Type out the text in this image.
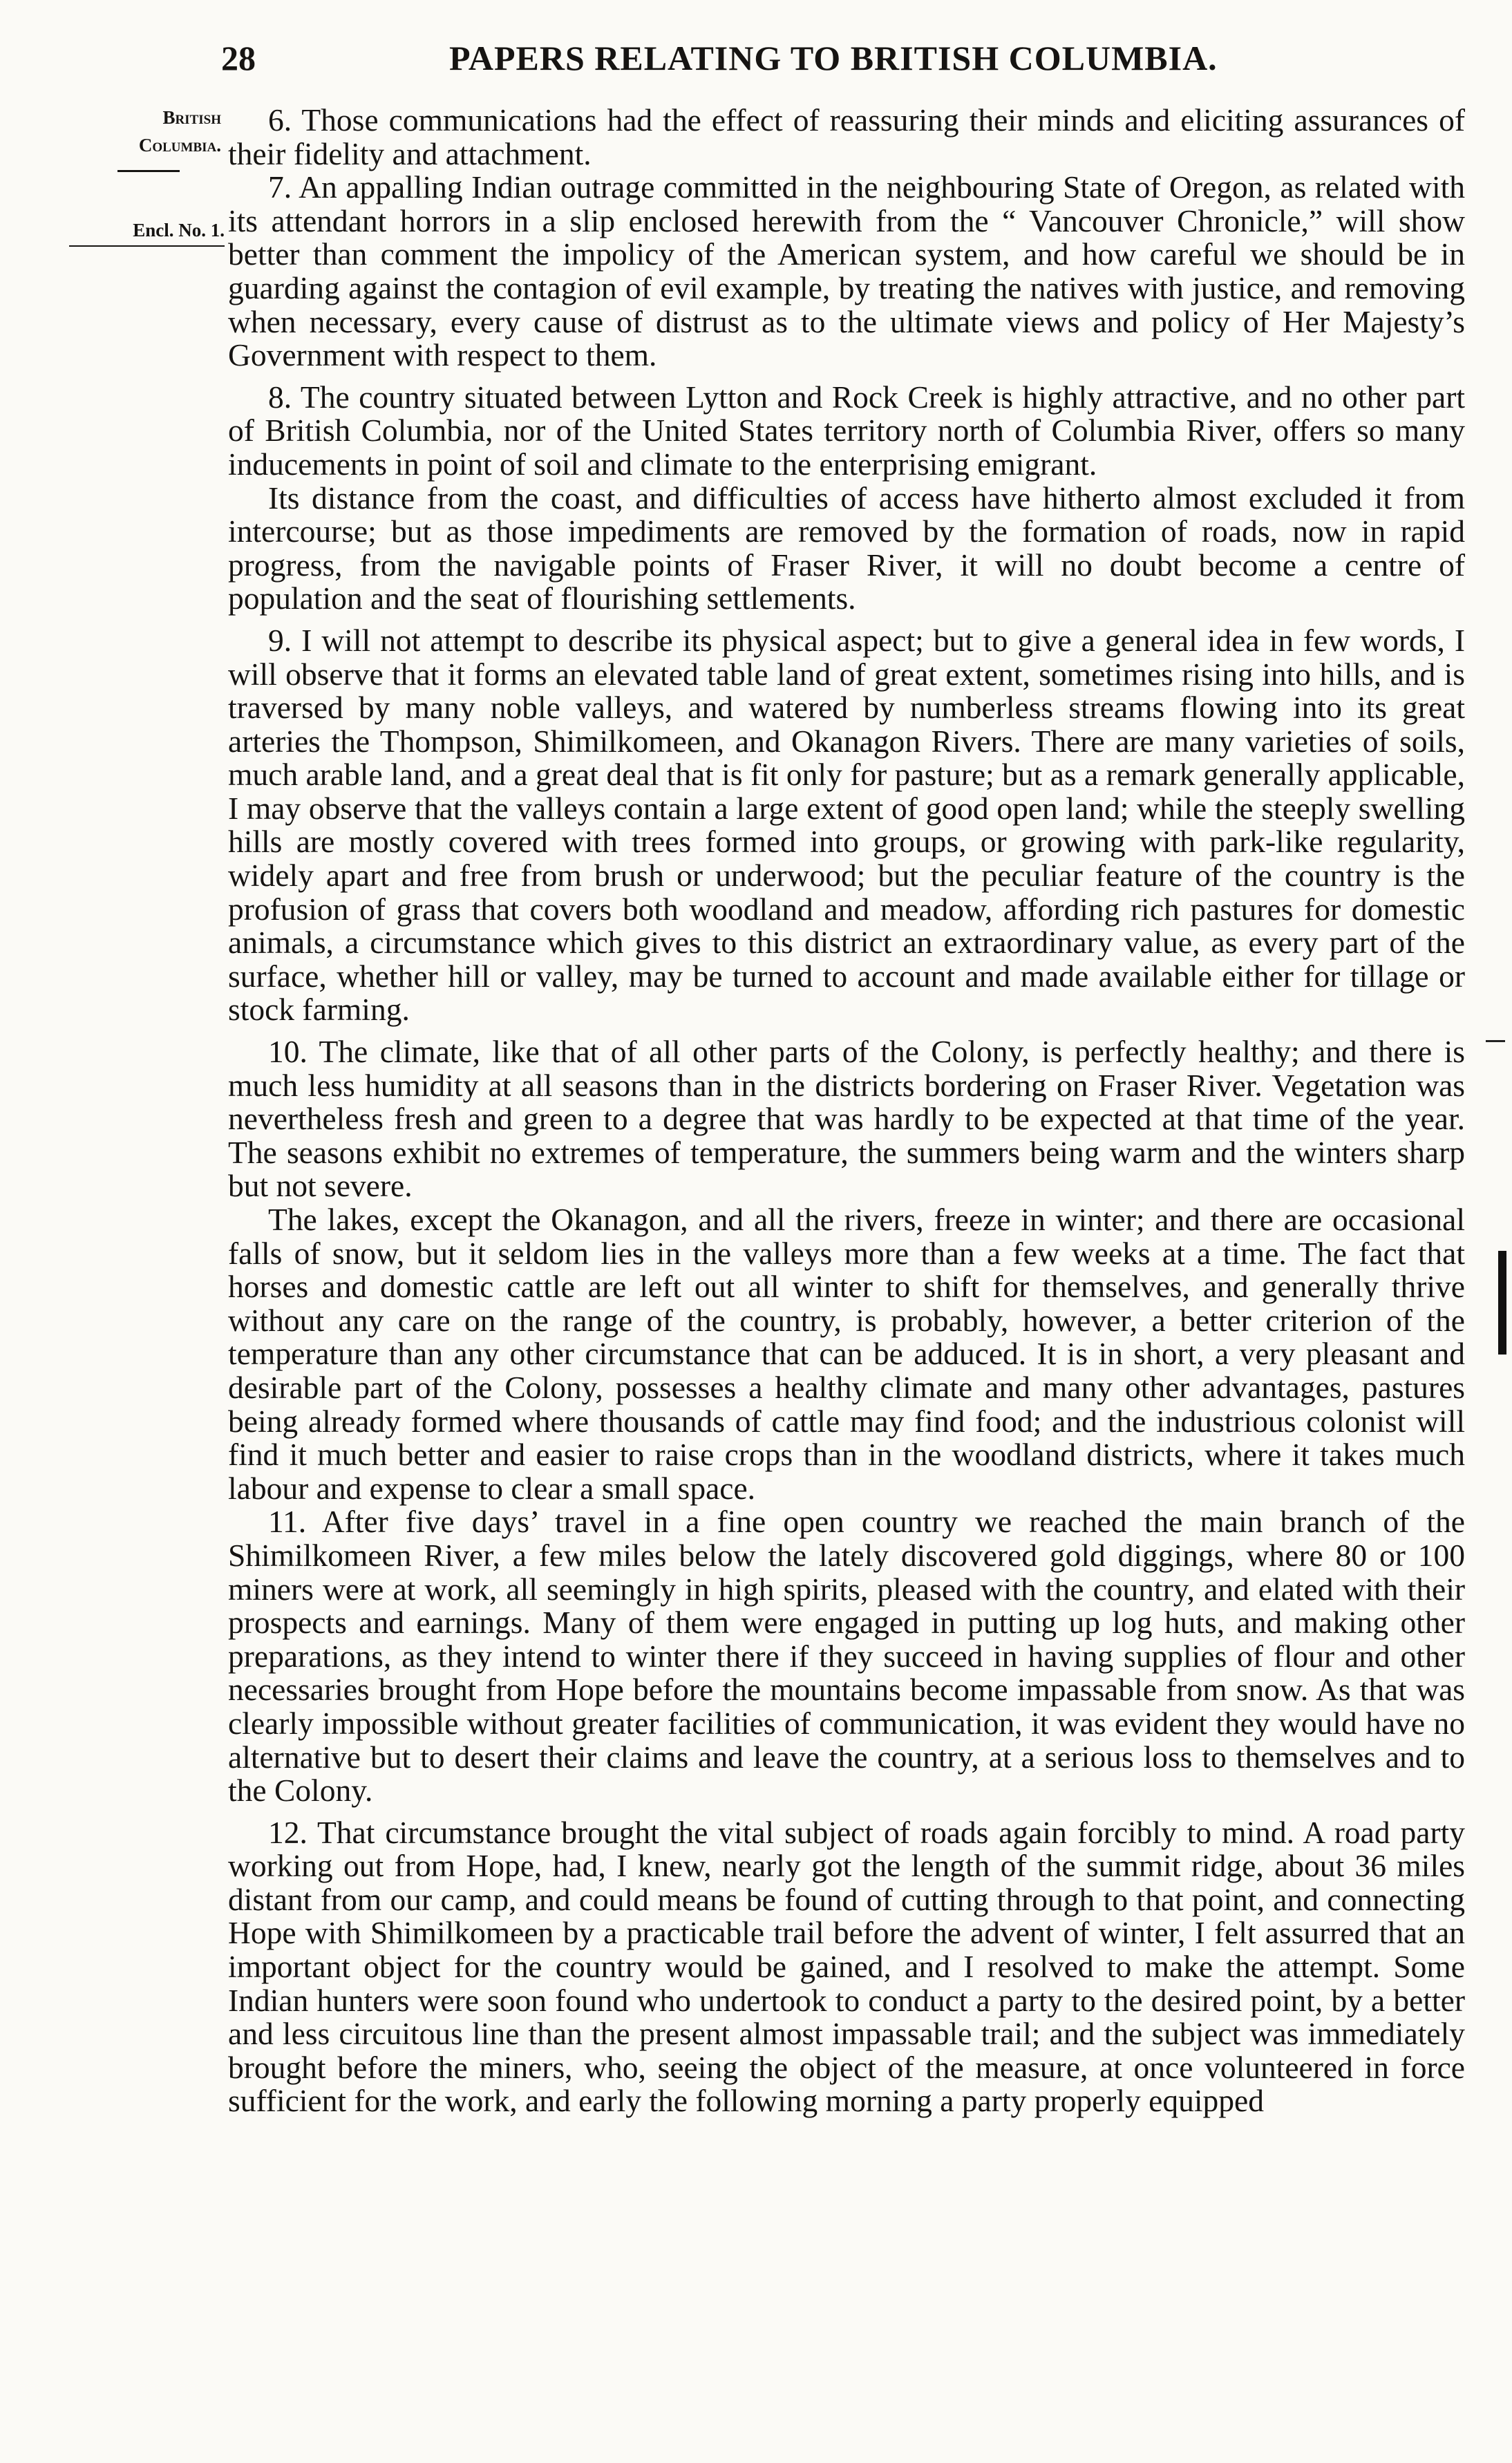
28	PAPERS RELATING TO BRITISH COLUMBIA.
British
Columbia.
Encl. No. 1.

6. Those communications had the effect of reassuring their minds and eliciting assurances of their fidelity and attachment.

7. An appalling Indian outrage committed in the neighbouring State of Oregon, as related with its attendant horrors in a slip enclosed herewith from the “ Vancouver Chronicle,” will show better than comment the impolicy of the American system, and how careful we should be in guarding against the contagion of evil example, by treating the natives with justice, and removing when necessary, every cause of distrust as to the ultimate views and policy of Her Majesty’s Government with respect to them.

8. The country situated between Lytton and Rock Creek is highly attractive, and no other part of British Columbia, nor of the United States territory north of Columbia River, offers so many inducements in point of soil and climate to the enterprising emigrant.

Its distance from the coast, and difficulties of access have hitherto almost excluded it from intercourse; but as those impediments are removed by the formation of roads, now in rapid progress, from the navigable points of Fraser River, it will no doubt become a centre of population and the seat of flourishing settlements.

9. I will not attempt to describe its physical aspect; but to give a general idea in few words, I will observe that it forms an elevated table land of great extent, sometimes rising into hills, and is traversed by many noble valleys, and watered by numberless streams flowing into its great arteries the Thompson, Shimilkomeen, and Okanagon Rivers. There are many varieties of soils, much arable land, and a great deal that is fit only for pasture; but as a remark generally applicable, I may observe that the valleys contain a large extent of good open land; while the steeply swelling hills are mostly covered with trees formed into groups, or growing with park-like regularity, widely apart and free from brush or underwood; but the peculiar feature of the country is the profusion of grass that covers both woodland and meadow, affording rich pastures for domestic animals, a circumstance which gives to this district an extraordinary value, as every part of the surface, whether hill or valley, may be turned to account and made available either for tillage or stock farming.

10. The climate, like that of all other parts of the Colony, is perfectly healthy; and there is much less humidity at all seasons than in the districts bordering on Fraser River. Vegetation was nevertheless fresh and green to a degree that was hardly to be expected at that time of the year. The seasons exhibit no extremes of temperature, the summers being warm and the winters sharp but not severe.

The lakes, except the Okanagon, and all the rivers, freeze in winter; and there are occasional falls of snow, but it seldom lies in the valleys more than a few weeks at a time. The fact that horses and domestic cattle are left out all winter to shift for themselves, and generally thrive without any care on the range of the country, is probably, however, a better criterion of the temperature than any other circumstance that can be adduced. It is in short, a very pleasant and desirable part of the Colony, possesses a healthy climate and many other advantages, pastures being already formed where thousands of cattle may find food; and the industrious colonist will find it much better and easier to raise crops than in the woodland districts, where it takes much labour and expense to clear a small space.

11. After five days’ travel in a fine open country we reached the main branch of the Shimilkomeen River, a few miles below the lately discovered gold diggings, where 80 or 100 miners were at work, all seemingly in high spirits, pleased with the country, and elated with their prospects and earnings. Many of them were engaged in putting up log huts, and making other preparations, as they intend to winter there if they succeed in having supplies of flour and other necessaries brought from Hope before the mountains become impassable from snow. As that was clearly impossible without greater facilities of communication, it was evident they would have no alternative but to desert their claims and leave the country, at a serious loss to themselves and to the Colony.

12. That circumstance brought the vital subject of roads again forcibly to mind. A road party working out from Hope, had, I knew, nearly got the length of the summit ridge, about 36 miles distant from our camp, and could means be found of cutting through to that point, and connecting Hope with Shimilkomeen by a practicable trail before the advent of winter, I felt assurred that an important object for the country would be gained, and I resolved to make the attempt. Some Indian hunters were soon found who undertook to conduct a party to the desired point, by a better and less circuitous line than the present almost impassable trail; and the subject was immediately brought before the miners, who, seeing the object of the measure, at once volunteered in force sufficient for the work, and early the following morning a party properly equipped
